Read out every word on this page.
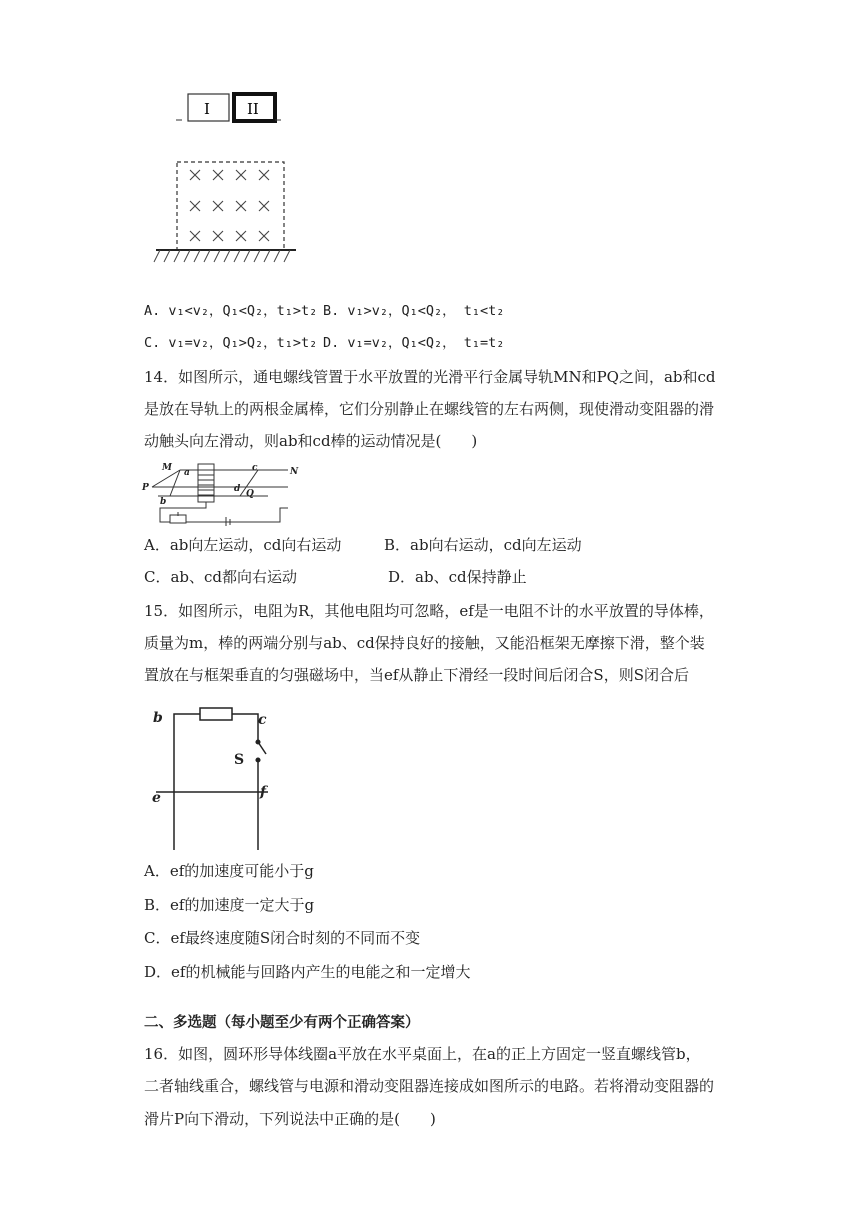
I II
A. v₁<v₂，Q₁<Q₂，t₁>t₂ B. v₁>v₂，Q₁<Q₂， t₁<t₂
C. v₁=v₂，Q₁>Q₂，t₁>t₂ D. v₁=v₂，Q₁<Q₂， t₁=t₂
14．如图所示，通电螺线管置于水平放置的光滑平行金属导轨MN和PQ之间，ab和cd
是放在导轨上的两根金属棒，它们分别静止在螺线管的左右两侧，现使滑动变阻器的滑
动触头向左滑动，则ab和cd棒的运动情况是(　　)
P
M a
b
c
d
N
Q
A．ab向左运动，cd向右运动	B．ab向右运动，cd向左运动
C．ab、cd都向右运动	D．ab、cd保持静止
15．如图所示，电阻为R，其他电阻均可忽略，ef是一电阻不计的水平放置的导体棒，
质量为m，棒的两端分别与ab、cd保持良好的接触，又能沿框架无摩擦下滑，整个装
置放在与框架垂直的匀强磁场中，当ef从静止下滑经一段时间后闭合S，则S闭合后
b	c
S
e	f
A．ef的加速度可能小于g
B．ef的加速度一定大于g
C．ef最终速度随S闭合时刻的不同而不变
D．ef的机械能与回路内产生的电能之和一定增大
二、多选题（每小题至少有两个正确答案）
16．如图，圆环形导体线圈a平放在水平桌面上，在a的正上方固定一竖直螺线管b，
二者轴线重合，螺线管与电源和滑动变阻器连接成如图所示的电路。若将滑动变阻器的
滑片P向下滑动，下列说法中正确的是(　　)
